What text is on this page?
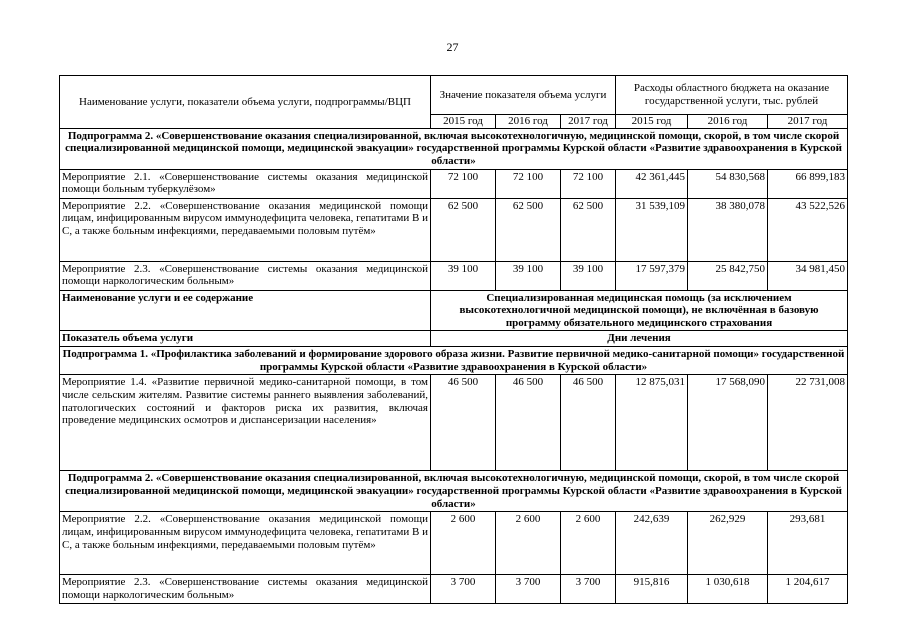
27
Наименование услуги, показатели объема услуги, подпрограммы/ВЦП	Значение показателя объема услуги			Расходы областного бюджета на оказание государственной услуги, тыс. рублей		
	2015 год	2016 год	2017 год	2015 год	2016 год	2017 год
Подпрограмма 2. «Совершенствование оказания специализированной, включая высокотехнологичную, медицинской помощи, скорой, в том числе скорой специализированной медицинской помощи, медицинской эвакуации» государственной программы Курской области «Развитие здравоохранения в Курской области»						

Мероприятие 2.1. «Совершенствование системы оказания медицинской помощи больным туберкулёзом»	72 100	72 100	72 100	42 361,445	54 830,568	66 899,183

Мероприятие 2.2. «Совершенствование оказания медицинской помощи лицам, инфицированным вирусом иммунодефицита человека, гепатитами В и С, а также больным инфекциями, передаваемыми половым путём»	62 500	62 500	62 500	31 539,109	38 380,078	43 522,526

Мероприятие 2.3. «Совершенствование системы оказания медицинской помощи наркологическим больным»	39 100	39 100	39 100	17 597,379	25 842,750	34 981,450
Наименование услуги и ее содержание	Специализированная медицинская помощь (за исключением высокотехнологичной медицинской помощи), не включённая в базовую программу обязательного медицинского страхования					
Показатель объема услуги	Дни лечения					
Подпрограмма 1. «Профилактика заболеваний и формирование здорового образа жизни. Развитие первичной медико-санитарной помощи» государственной программы Курской области «Развитие здравоохранения в Курской области»						

Мероприятие 1.4. «Развитие первичной медико-санитарной помощи, в том числе сельским жителям. Развитие системы раннего выявления заболеваний, патологических состояний и факторов риска их развития, включая проведение медицинских осмотров и диспансеризации населения»	46 500	46 500	46 500	12 875,031	17 568,090	22 731,008
Подпрограмма 2. «Совершенствование оказания специализированной, включая высокотехнологичную, медицинской помощи, скорой, в том числе скорой специализированной медицинской помощи, медицинской эвакуации» государственной программы Курской области «Развитие здравоохранения в Курской области»						

Мероприятие 2.2. «Совершенствование оказания медицинской помощи лицам, инфицированным вирусом иммунодефицита человека, гепатитами В и С, а также больным инфекциями, передаваемыми половым путём»	2 600	2 600	2 600	242,639	262,929	293,681

Мероприятие 2.3. «Совершенствование системы оказания медицинской помощи наркологическим больным»	3 700	3 700	3 700	915,816	1 030,618	1 204,617
